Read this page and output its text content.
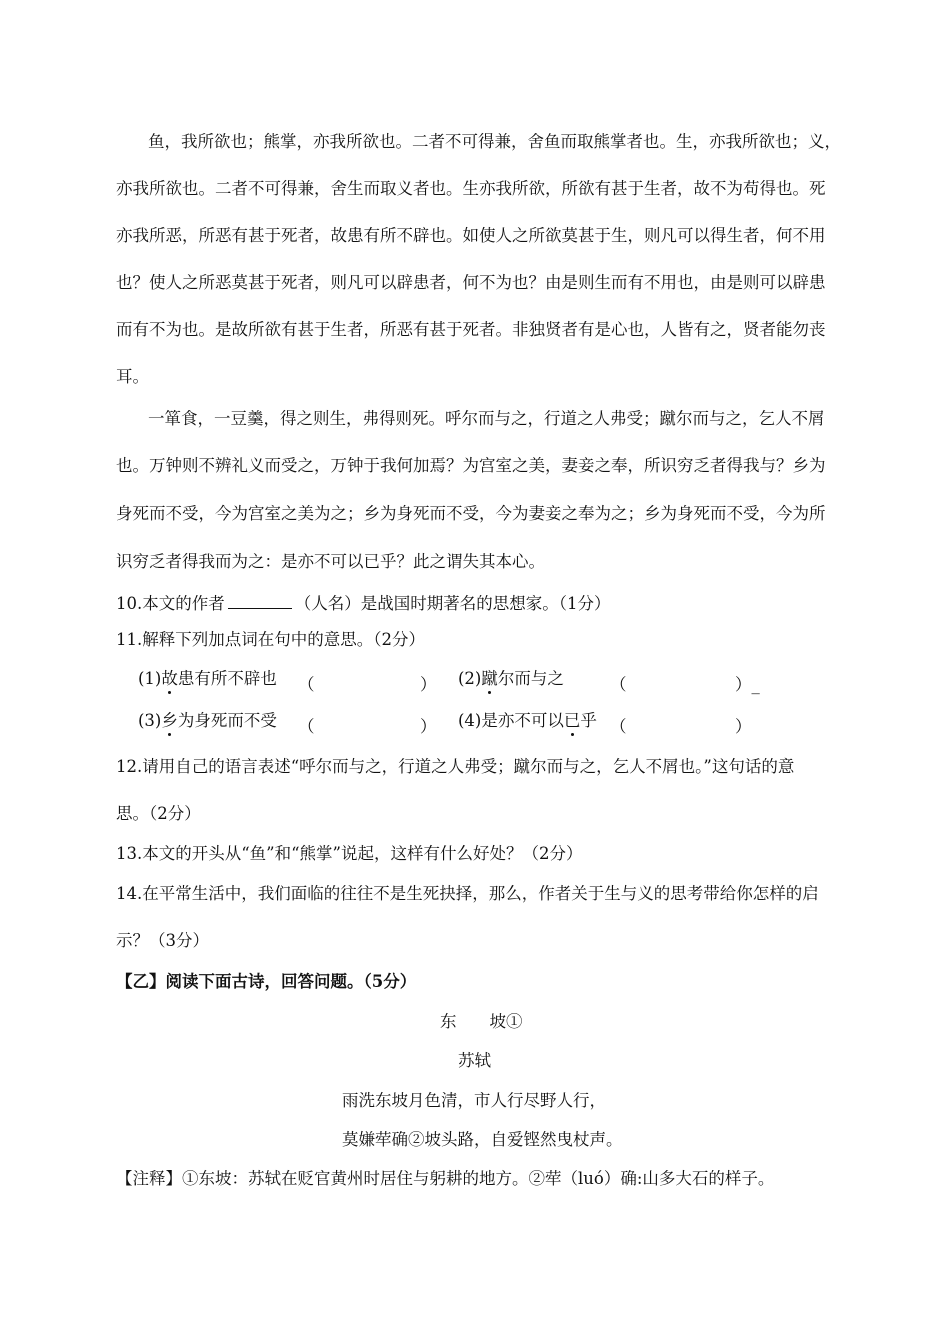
鱼，我所欲也；熊掌，亦我所欲也。二者不可得兼，舍鱼而取熊掌者也。生，亦我所欲也；义，
亦我所欲也。二者不可得兼，舍生而取义者也。生亦我所欲，所欲有甚于生者，故不为苟得也。死
亦我所恶，所恶有甚于死者，故患有所不辟也。如使人之所欲莫甚于生，则凡可以得生者，何不用
也？使人之所恶莫甚于死者，则凡可以辟患者，何不为也？由是则生而有不用也，由是则可以辟患
而有不为也。是故所欲有甚于生者，所恶有甚于死者。非独贤者有是心也，人皆有之，贤者能勿丧
耳。
一箪食，一豆羹，得之则生，弗得则死。呼尔而与之，行道之人弗受；蹴尔而与之，乞人不屑
也。万钟则不辨礼义而受之，万钟于我何加焉？为宫室之美，妻妾之奉，所识穷乏者得我与？乡为
身死而不受，今为宫室之美为之；乡为身死而不受，今为妻妾之奉为之；乡为身死而不受，今为所
识穷乏者得我而为之：是亦不可以已乎？此之谓失其本心。
10.本文的作者	（人名）是战国时期著名的思想家。（1分）
11.解释下列加点词在句中的意思。（2分）
(1)故患有所不辟也 （	） (2)蹴尔而与之	（	）_
(3)乡为身死而不受 （	） (4)是亦不可以已乎 （	）
12.请用自己的语言表述“呼尔而与之，行道之人弗受；蹴尔而与之，乞人不屑也。”这句话的意
思。（2分）
13.本文的开头从“鱼”和“熊掌”说起，这样有什么好处？（2分）
14.在平常生活中，我们面临的往往不是生死抉择，那么，作者关于生与义的思考带给你怎样的启
示？（3分）
【乙】阅读下面古诗，回答问题。（5分）
东　　坡①
苏轼
雨洗东坡月色清，市人行尽野人行，
莫嫌荦确②坡头路，自爱铿然曳杖声。
【注释】①东坡：苏轼在贬官黄州时居住与躬耕的地方。②荦（luó）确:山多大石的样子。
